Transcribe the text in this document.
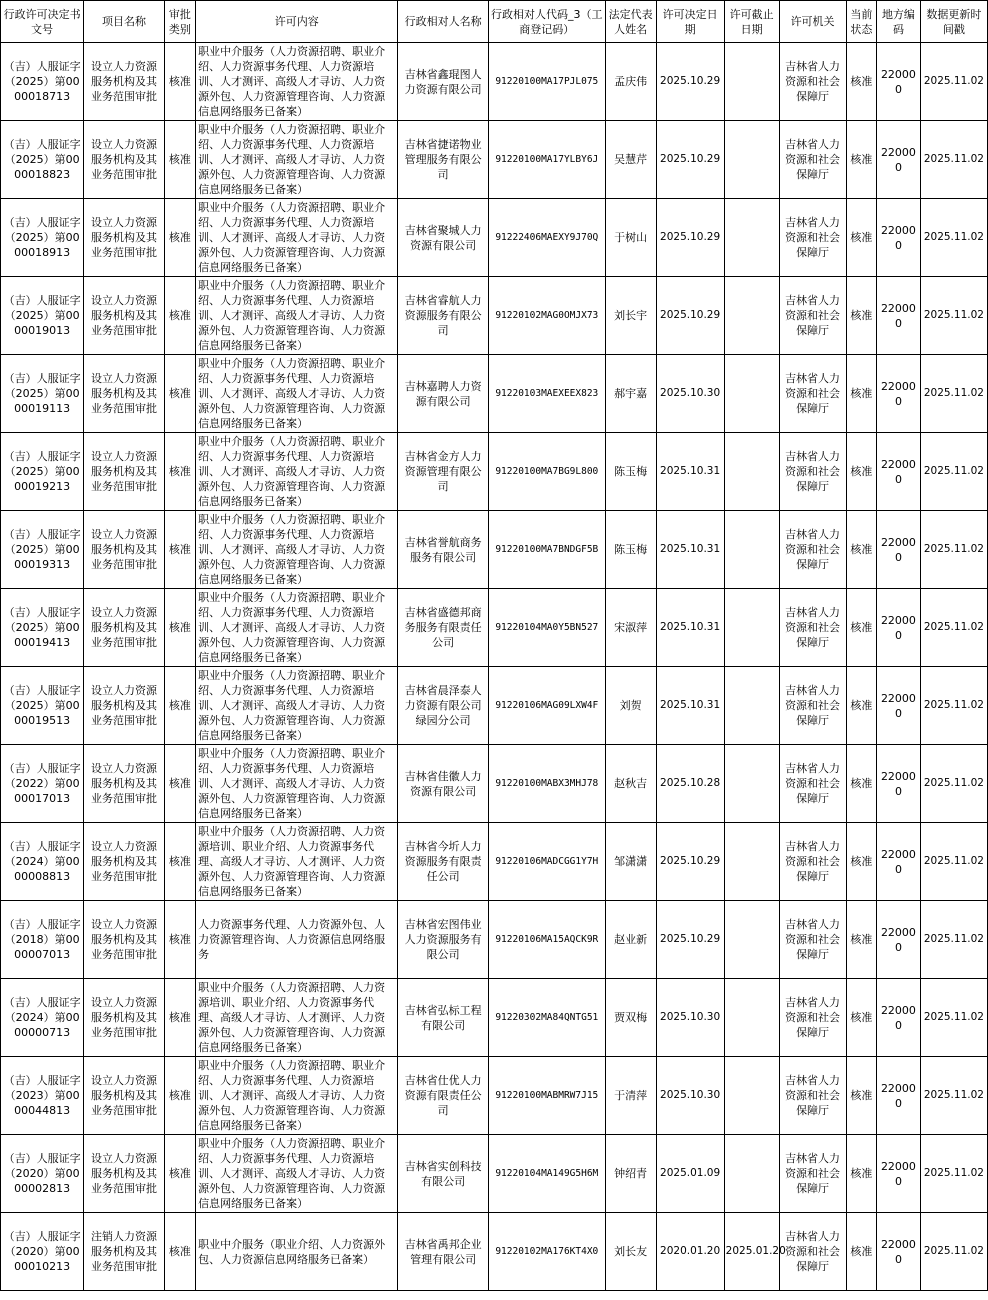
行政许可决定书文号	项目名称	审批类别	许可内容	行政相对人名称	行政相对人代码_3（工商登记码）	法定代表人姓名	许可决定日期	许可截止日期	许可机关	当前状态	地方编码	数据更新时间戳
（吉）人服证字（2025）第0000018713	设立人力资源服务机构及其业务范围审批	核准	职业中介服务（人力资源招聘、职业介绍、人力资源事务代理、人力资源培训、人才测评、高级人才寻访、人力资源外包、人力资源管理咨询、人力资源信息网络服务已备案）	吉林省鑫琨图人力资源有限公司	91220100MA17PJL075	孟庆伟	2025.10.29		吉林省人力资源和社会保障厅	核准	220000	2025.11.02
（吉）人服证字（2025）第0000018823	设立人力资源服务机构及其业务范围审批	核准	职业中介服务（人力资源招聘、职业介绍、人力资源事务代理、人力资源培训、人才测评、高级人才寻访、人力资源外包、人力资源管理咨询、人力资源信息网络服务已备案）	吉林省捷诺物业管理服务有限公司	91220100MA17YLBY6J	吴慧芹	2025.10.29		吉林省人力资源和社会保障厅	核准	220000	2025.11.02
（吉）人服证字（2025）第0000018913	设立人力资源服务机构及其业务范围审批	核准	职业中介服务（人力资源招聘、职业介绍、人力资源事务代理、人力资源培训、人才测评、高级人才寻访、人力资源外包、人力资源管理咨询、人力资源信息网络服务已备案）	吉林省聚城人力资源有限公司	91222406MAEXY9J70Q	于树山	2025.10.29		吉林省人力资源和社会保障厅	核准	220000	2025.11.02
（吉）人服证字（2025）第0000019013	设立人力资源服务机构及其业务范围审批	核准	职业中介服务（人力资源招聘、职业介绍、人力资源事务代理、人力资源培训、人才测评、高级人才寻访、人力资源外包、人力资源管理咨询、人力资源信息网络服务已备案）	吉林省睿航人力资源服务有限公司	91220102MAG0OMJX73	刘长宇	2025.10.29		吉林省人力资源和社会保障厅	核准	220000	2025.11.02
（吉）人服证字（2025）第0000019113	设立人力资源服务机构及其业务范围审批	核准	职业中介服务（人力资源招聘、职业介绍、人力资源事务代理、人力资源培训、人才测评、高级人才寻访、人力资源外包、人力资源管理咨询、人力资源信息网络服务已备案）	吉林嘉聘人力资源有限公司	91220103MAEXEEX823	郝宇嘉	2025.10.30		吉林省人力资源和社会保障厅	核准	220000	2025.11.02
（吉）人服证字（2025）第0000019213	设立人力资源服务机构及其业务范围审批	核准	职业中介服务（人力资源招聘、职业介绍、人力资源事务代理、人力资源培训、人才测评、高级人才寻访、人力资源外包、人力资源管理咨询、人力资源信息网络服务已备案）	吉林省金方人力资源管理有限公司	91220100MA7BG9L800	陈玉梅	2025.10.31		吉林省人力资源和社会保障厅	核准	220000	2025.11.02
（吉）人服证字（2025）第0000019313	设立人力资源服务机构及其业务范围审批	核准	职业中介服务（人力资源招聘、职业介绍、人力资源事务代理、人力资源培训、人才测评、高级人才寻访、人力资源外包、人力资源管理咨询、人力资源信息网络服务已备案）	吉林省誉航商务服务有限公司	91220100MA7BNDGF5B	陈玉梅	2025.10.31		吉林省人力资源和社会保障厅	核准	220000	2025.11.02
（吉）人服证字（2025）第0000019413	设立人力资源服务机构及其业务范围审批	核准	职业中介服务（人力资源招聘、职业介绍、人力资源事务代理、人力资源培训、人才测评、高级人才寻访、人力资源外包、人力资源管理咨询、人力资源信息网络服务已备案）	吉林省盛德邦商务服务有限责任公司	91220104MA0Y5BN527	宋淑萍	2025.10.31		吉林省人力资源和社会保障厅	核准	220000	2025.11.02
（吉）人服证字（2025）第0000019513	设立人力资源服务机构及其业务范围审批	核准	职业中介服务（人力资源招聘、职业介绍、人力资源事务代理、人力资源培训、人才测评、高级人才寻访、人力资源外包、人力资源管理咨询、人力资源信息网络服务已备案）	吉林省晨泽泰人力资源有限公司绿园分公司	91220106MAG09LXW4F	刘贺	2025.10.31		吉林省人力资源和社会保障厅	核准	220000	2025.11.02
（吉）人服证字（2022）第0000017013	设立人力资源服务机构及其业务范围审批	核准	职业中介服务（人力资源招聘、职业介绍、人力资源事务代理、人力资源培训、人才测评、高级人才寻访、人力资源外包、人力资源管理咨询、人力资源信息网络服务已备案）	吉林省佳徽人力资源有限公司	91220100MABX3MHJ78	赵秋吉	2025.10.28		吉林省人力资源和社会保障厅	核准	220000	2025.11.02
（吉）人服证字（2024）第0000008813	设立人力资源服务机构及其业务范围审批	核准	职业中介服务（人力资源招聘、人力资源培训、职业介绍、人力资源事务代理、高级人才寻访、人才测评、人力资源外包、人力资源管理咨询、人力资源信息网络服务已备案）	吉林省今圻人力资源服务有限责任公司	91220106MADCGG1Y7H	邹潇潇	2025.10.29		吉林省人力资源和社会保障厅	核准	220000	2025.11.02
（吉）人服证字（2018）第0000007013	设立人力资源服务机构及其业务范围审批	核准	人力资源事务代理、人力资源外包、人力资源管理咨询、人力资源信息网络服务	吉林省宏图伟业人力资源服务有限公司	91220106MA15AQCK9R	赵业新	2025.10.29		吉林省人力资源和社会保障厅	核准	220000	2025.11.02
（吉）人服证字（2024）第0000000713	设立人力资源服务机构及其业务范围审批	核准	职业中介服务（人力资源招聘、人力资源培训、职业介绍、人力资源事务代理、高级人才寻访、人才测评、人力资源外包、人力资源管理咨询、人力资源信息网络服务已备案）	吉林省弘标工程有限公司	91220302MA84QNTG51	贾双梅	2025.10.30		吉林省人力资源和社会保障厅	核准	220000	2025.11.02
（吉）人服证字（2023）第0000044813	设立人力资源服务机构及其业务范围审批	核准	职业中介服务（人力资源招聘、职业介绍、人力资源事务代理、人力资源培训、人才测评、高级人才寻访、人力资源外包、人力资源管理咨询、人力资源信息网络服务已备案）	吉林省仕优人力资源有限责任公司	91220100MABMRW7J15	于清萍	2025.10.30		吉林省人力资源和社会保障厅	核准	220000	2025.11.02
（吉）人服证字（2020）第0000002813	设立人力资源服务机构及其业务范围审批	核准	职业中介服务（人力资源招聘、职业介绍、人力资源事务代理、人力资源培训、人才测评、高级人才寻访、人力资源外包、人力资源管理咨询、人力资源信息网络服务已备案）	吉林省实创科技有限公司	91220104MA149G5H6M	钟绍青	2025.01.09		吉林省人力资源和社会保障厅	核准	220000	2025.11.02
（吉）人服证字（2020）第0000010213	注销人力资源服务机构及其业务范围审批	核准	职业中介服务（职业介绍、人力资源外包、人力资源信息网络服务已备案）	吉林省禹邦企业管理有限公司	91220102MA176KT4X0	刘长友	2020.01.20	2025.01.20	吉林省人力资源和社会保障厅	核准	220000	2025.11.02
